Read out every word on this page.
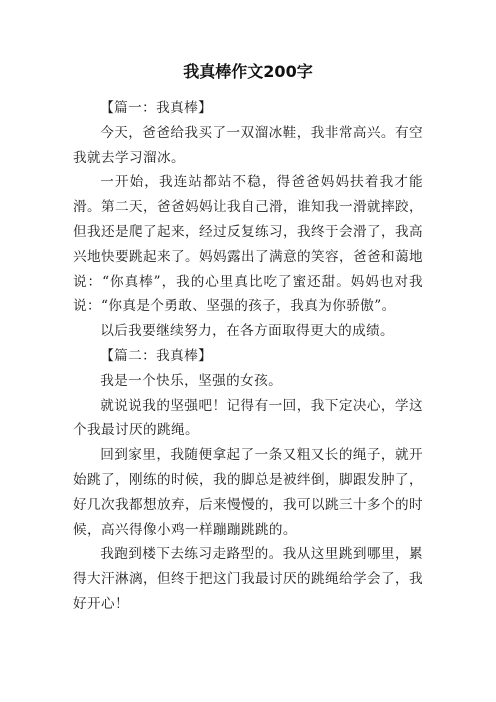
我真棒作文200字

【篇一：我真棒】

今天，爸爸给我买了一双溜冰鞋，我非常高兴。有空我就去学习溜冰。

一开始，我连站都站不稳，得爸爸妈妈扶着我才能滑。第二天，爸爸妈妈让我自己滑，谁知我一滑就摔跤，但我还是爬了起来，经过反复练习，我终于会滑了，我高兴地快要跳起来了。妈妈露出了满意的笑容，爸爸和蔼地说：“你真棒”，我的心里真比吃了蜜还甜。妈妈也对我说：“你真是个勇敢、坚强的孩子，我真为你骄傲”。

以后我要继续努力，在各方面取得更大的成绩。

【篇二：我真棒】

我是一个快乐，坚强的女孩。

就说说我的坚强吧！记得有一回，我下定决心，学这个我最讨厌的跳绳。

回到家里，我随便拿起了一条又粗又长的绳子，就开始跳了，刚练的时候，我的脚总是被绊倒，脚跟发肿了，好几次我都想放弃，后来慢慢的，我可以跳三十多个的时候，高兴得像小鸡一样蹦蹦跳跳的。

我跑到楼下去练习走路型的。我从这里跳到哪里，累得大汗淋漓，但终于把这门我最讨厌的跳绳给学会了，我好开心！
